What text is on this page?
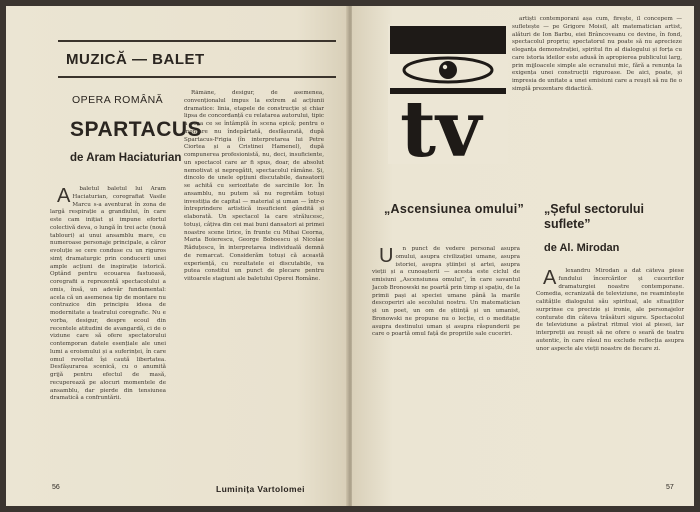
MUZICĂ — BALET
OPERA ROMÂNĂ
SPARTACUS
de Aram Haciaturian

A baletul baletul lui Aram Haciaturian, coregrafiat Vasile Marcu s-a aventurat în zona de largă respirație a grandiului, în care este cam inițiat și impune efortul colectivă deva, o lungă în trei acte (nouă tablouri) ai unui ansamblu mare, cu numeroase personaje principale, a căror evoluție se cere conduse cu un riguros simț dramaturgic prin conducerii unei ample acțiuni de inspirație istorică. Optând pentru ecouarea fastuoasă, coregrafii a reprezentă spectacolului a omis, însă, un adevăr fundamental: acela că un asemenea tip de montare nu contrazice din principiu ideea de modernitate a teatrului coregrafic. Nu e vorba, desigur, despre ecoul din recentele atitudini de avangardă, ci de o viziune care să ofere spectatorului contemporan datele esențiale ale unei lumi a eroismului și a suferinței, în care omul revoltat își caută libertatea. Desfășurarea scenică, cu o anumită grijă pentru efectul de masă, recuperează pe alocuri momentele de ansamblu, dar pierde din tensiunea dramatică a confruntării.

Rămâne, desigur, de asemenea, convenționalul impus la extrem al acțiunii dramatice: linia, etapele de construcție și chiar lipsa de concordanță cu relatarea autorului, tipic a ceea ce se întâmplă în scena epică; pentru o montare nu îndepărtată, desfășurată, după Spartacus-Frigia (în interpretarea lui Petre Ciortea și a Cristinei Hamenel), după compunerea profesionistă, nu, deci, insuficiente, un spectacol care ar fi spus, doar, de absolut nemotivat și nepregătit, spectacolul rămâne. Și, dincolo de unele opțiuni discutabile, dansatorii se achită cu seriozitate de sarcinile lor. În ansamblu, nu putem să nu regretăm totuși investiția de capital — material și uman — într-o întreprindere artistică insuficient gândită și elaborată. Un spectacol la care strălucesc, totuși, câțiva din cei mai buni dansatori ai primei noastre scene lirice, în frunte cu Mihai Ceorna, Maria Boierescu, George Boboescu și Nicolae Răduțescu, în interpretarea individuală demnă de remarcat. Considerăm totuși că această experiență, cu rezultatele ei discutabile, va putea constitui un punct de plecare pentru viitoarele stagiuni ale baletului Operei Române.

Luminița Vartolomei
56
tv

artiști contemporani așa cum, firește, îl concepem — sufletește — pe Grigore Moisil, alt matematician artist, alături de Ion Barbu, eiei Brâncoveanu ce devine, în fond, spectacolul propriu; spectatorul nu poate să nu aprecieze eleganța demonstrației, spiritul fin al dialogului și forța cu care istoria ideilor este adusă în apropierea publicului larg, prin mijloacele simple ale ecranului mic, fără a renunța la exigența unei construcții riguroase. De aici, poate, și impresia de unitate a unei emisiuni care a reușit să nu fie o simplă prezentare didactică.

„Ascensiunea omului”

U n punct de vedere personal asupra omului, asupra civilizației umane, asupra istoriei, asupra științei și artei, asupra vieții și a cunoașterii — acesta este ciclul de emisiuni „Ascensiunea omului”, în care savantul Jacob Bronowski ne poartă prin timp și spațiu, de la primii pași ai speciei umane până la marile descoperiri ale secolului nostru. Un matematician și un poet, un om de știință și un umanist, Bronowski ne propune nu o lecție, ci o meditație asupra destinului uman și asupra răspunderii pe care o poartă omul față de propriile sale cuceriri.

„Șeful sectorului suflete”
de Al. Mirodan

A lexandru Mirodan a dat câteva piese fundului încercărilor și cuceririlor dramaturgiei noastre contemporane. Comedia, ecranizată de televiziune, ne reamintește calitățile dialogului său spiritual, ale situațiilor surprinse cu precizie și ironie, ale personajelor conturate din câteva trăsături sigure. Spectacolul de televiziune a păstrat ritmul vioi al piesei, iar interpreții au reușit să ne ofere o seară de teatru autentic, în care râsul nu exclude reflecția asupra unor aspecte ale vieții noastre de fiecare zi.

57
